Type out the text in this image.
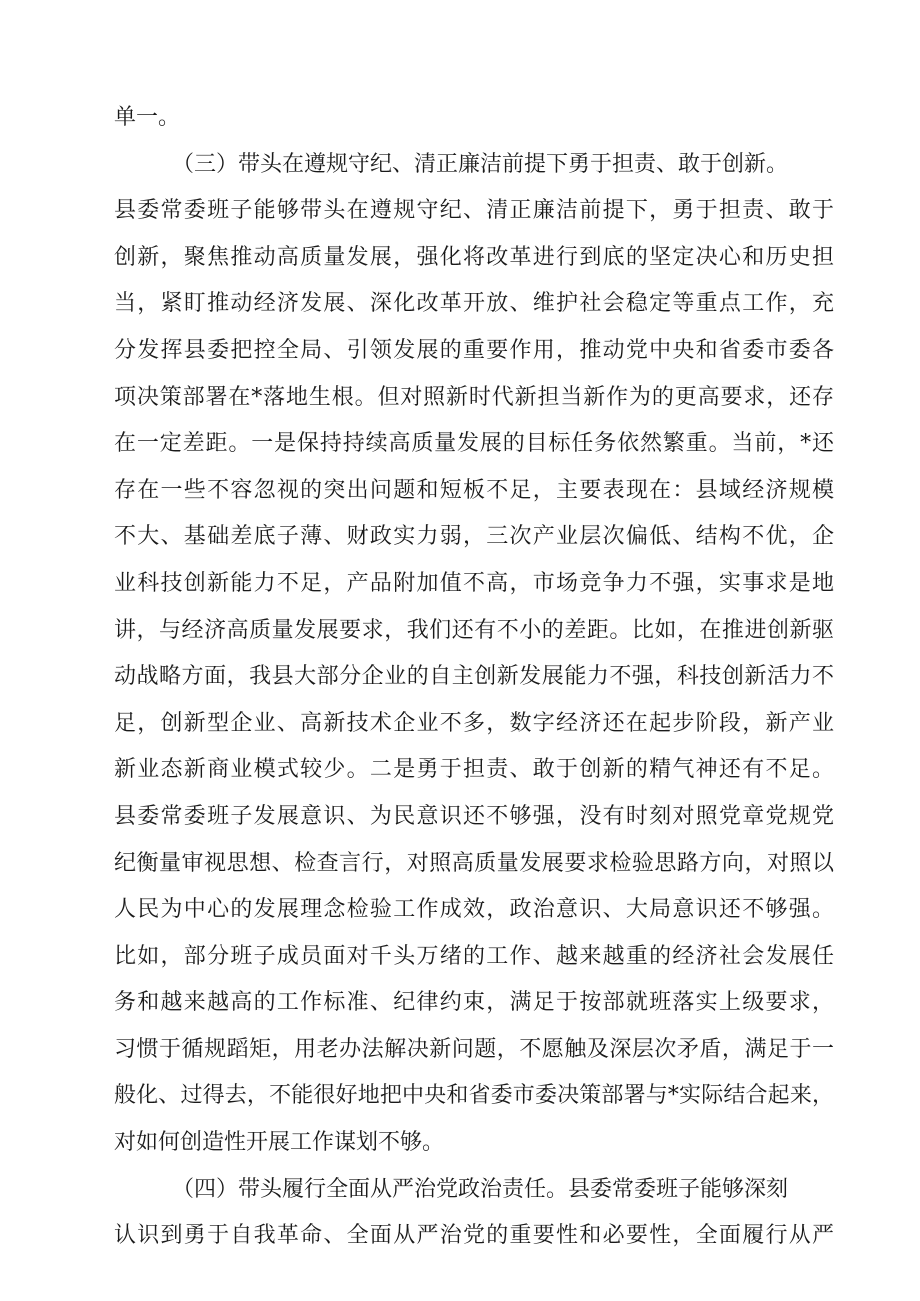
单一。
（三）带头在遵规守纪、清正廉洁前提下勇于担责、敢于创新。
县委常委班子能够带头在遵规守纪、清正廉洁前提下，勇于担责、敢于
创新，聚焦推动高质量发展，强化将改革进行到底的坚定决心和历史担
当，紧盯推动经济发展、深化改革开放、维护社会稳定等重点工作，充
分发挥县委把控全局、引领发展的重要作用，推动党中央和省委市委各
项决策部署在*落地生根。但对照新时代新担当新作为的更高要求，还存
在一定差距。一是保持持续高质量发展的目标任务依然繁重。当前，*还
存在一些不容忽视的突出问题和短板不足，主要表现在：县域经济规模
不大、基础差底子薄、财政实力弱，三次产业层次偏低、结构不优，企
业科技创新能力不足，产品附加值不高，市场竞争力不强，实事求是地
讲，与经济高质量发展要求，我们还有不小的差距。比如，在推进创新驱
动战略方面，我县大部分企业的自主创新发展能力不强，科技创新活力不
足，创新型企业、高新技术企业不多，数字经济还在起步阶段，新产业
新业态新商业模式较少。二是勇于担责、敢于创新的精气神还有不足。
县委常委班子发展意识、为民意识还不够强，没有时刻对照党章党规党
纪衡量审视思想、检查言行，对照高质量发展要求检验思路方向，对照以
人民为中心的发展理念检验工作成效，政治意识、大局意识还不够强。
比如，部分班子成员面对千头万绪的工作、越来越重的经济社会发展任
务和越来越高的工作标准、纪律约束，满足于按部就班落实上级要求，
习惯于循规蹈矩，用老办法解决新问题，不愿触及深层次矛盾，满足于一
般化、过得去，不能很好地把中央和省委市委决策部署与*实际结合起来，
对如何创造性开展工作谋划不够。
（四）带头履行全面从严治党政治责任。县委常委班子能够深刻
认识到勇于自我革命、全面从严治党的重要性和必要性，全面履行从严
